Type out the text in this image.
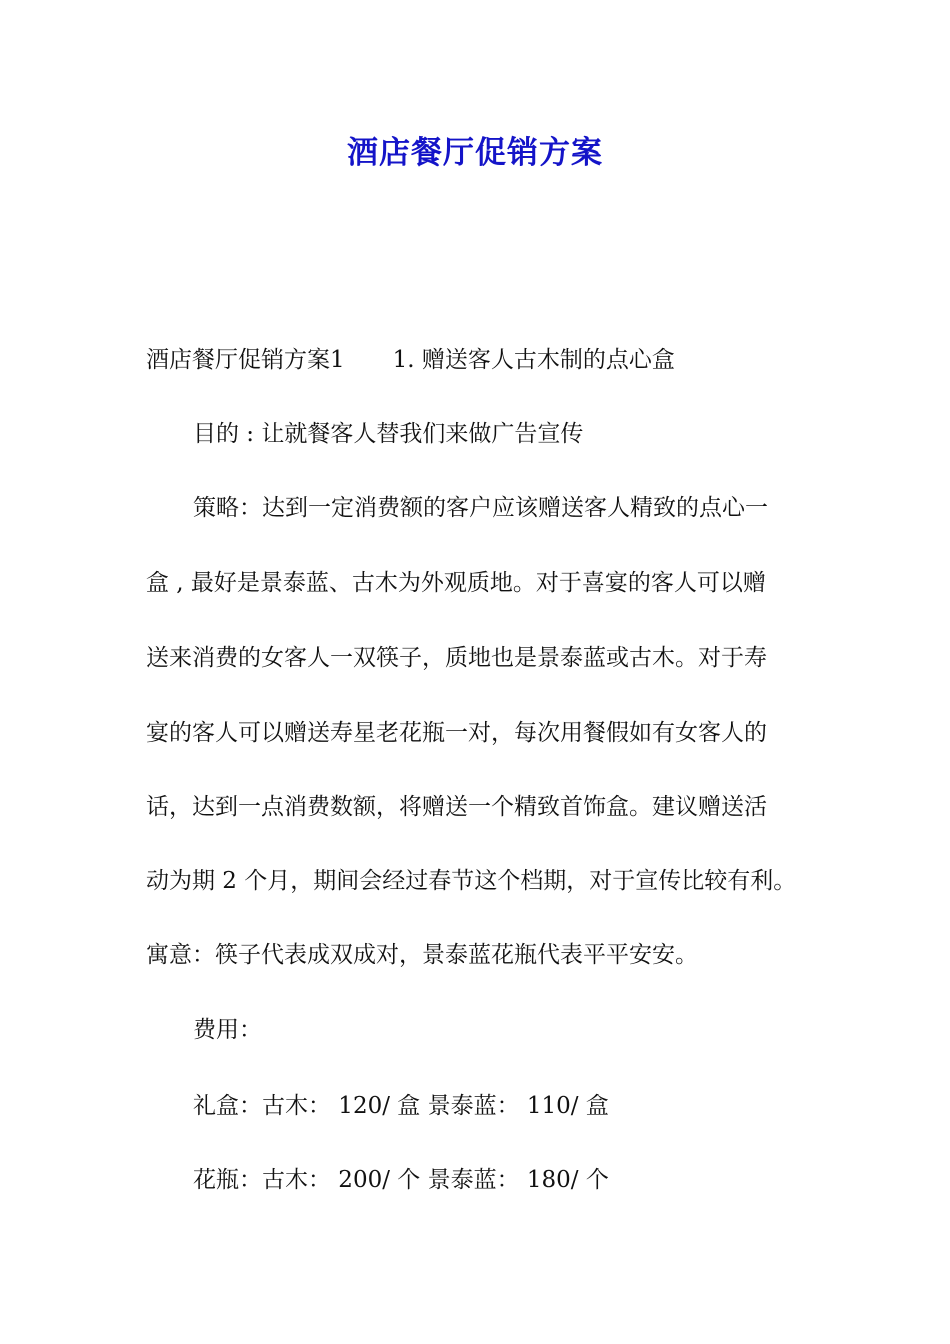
酒店餐厅促销方案
酒店餐厅促销方案1 1. 赠送客人古木制的点心盒
目的 : 让就餐客人替我们来做广告宣传
策略：达到一定消费额的客户应该赠送客人精致的点心一
盒 , 最好是景泰蓝、古木为外观质地。对于喜宴的客人可以赠
送来消费的女客人一双筷子，质地也是景泰蓝或古木。对于寿
宴的客人可以赠送寿星老花瓶一对，每次用餐假如有女客人的
话，达到一点消费数额，将赠送一个精致首饰盒。建议赠送活
动为期 2 个月，期间会经过春节这个档期，对于宣传比较有利。
寓意：筷子代表成双成对，景泰蓝花瓶代表平平安安。
费用：
礼盒：古木： 120/ 盒 景泰蓝： 110/ 盒
花瓶：古木： 200/ 个 景泰蓝： 180/ 个
